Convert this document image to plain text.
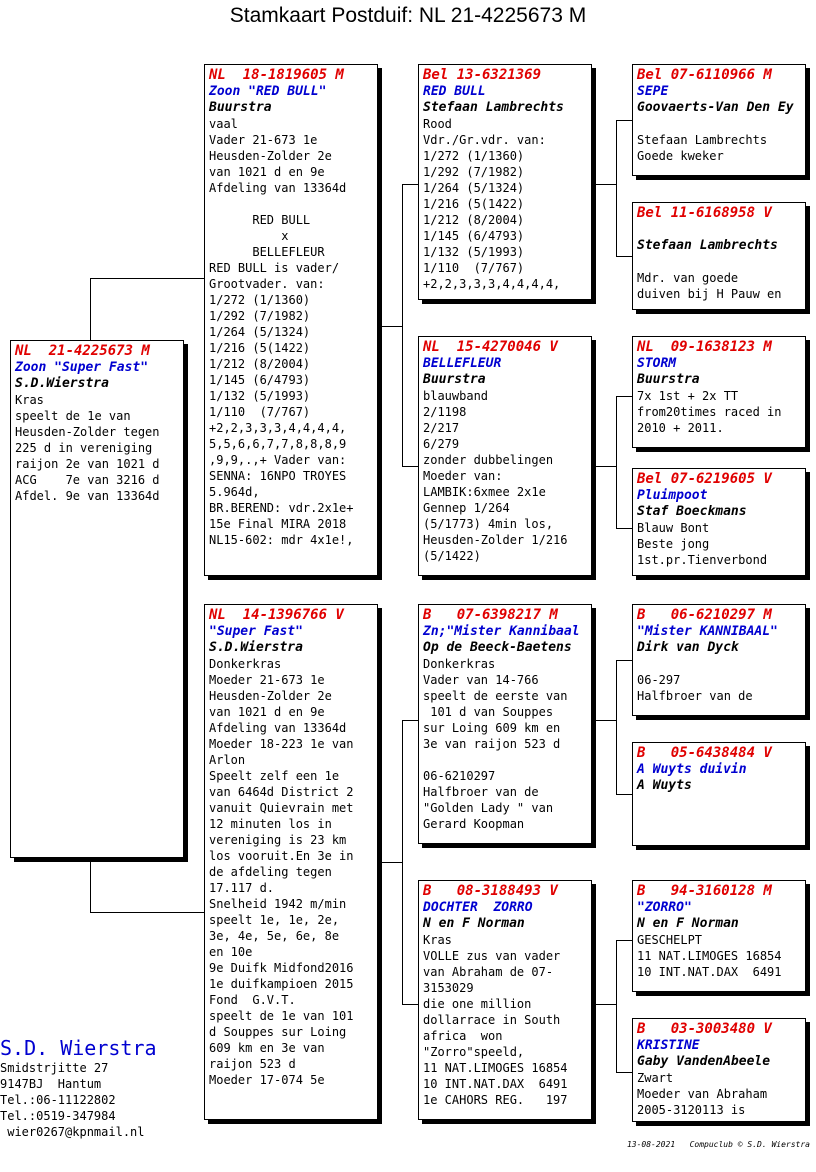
Stamkaart Postduif: NL 21-4225673 M
NL  21-4225673 M
Zoon "Super Fast"
S.D.Wierstra
Kras
speelt de 1e van
Heusden-Zolder tegen
225 d in vereniging
raijon 2e van 1021 d
ACG    7e van 3216 d
Afdel. 9e van 13364d
NL  18-1819605 M
Zoon "RED BULL"
Buurstra
vaal
Vader 21-673 1e
Heusden-Zolder 2e
van 1021 d en 9e
Afdeling van 13364d

RED BULL
x
BELLEFLEUR
RED BULL is vader/
Grootvader. van:
1/272 (1/1360)
1/292 (7/1982)
1/264 (5/1324)
1/216 (5(1422)
1/212 (8/2004)
1/145 (6/4793)
1/132 (5/1993)
1/110  (7/767)
+2,2,3,3,3,4,4,4,4,
5,5,6,6,7,7,8,8,8,9
,9,9,.,+ Vader van:
SENNA: 16NPO TROYES
5.964d,
BR.BEREND: vdr.2x1e+
15e Final MIRA 2018
NL15-602: mdr 4x1e!,
NL  14-1396766 V
"Super Fast"
S.D.Wierstra
Donkerkras
Moeder 21-673 1e
Heusden-Zolder 2e
van 1021 d en 9e
Afdeling van 13364d
Moeder 18-223 1e van
Arlon
Speelt zelf een 1e
van 6464d District 2
vanuit Quievrain met
12 minuten los in
vereniging is 23 km
los vooruit.En 3e in
de afdeling tegen
17.117 d.
Snelheid 1942 m/min
speelt 1e, 1e, 2e,
3e, 4e, 5e, 6e, 8e
en 10e
9e Duifk Midfond2016
1e duifkampioen 2015
Fond  G.V.T.
speelt de 1e van 101
d Souppes sur Loing
609 km en 3e van
raijon 523 d
Moeder 17-074 5e
Bel 13-6321369
RED BULL
Stefaan Lambrechts
Rood
Vdr./Gr.vdr. van:
1/272 (1/1360)
1/292 (7/1982)
1/264 (5/1324)
1/216 (5(1422)
1/212 (8/2004)
1/145 (6/4793)
1/132 (5/1993)
1/110  (7/767)
+2,2,3,3,3,4,4,4,4,
NL  15-4270046 V
BELLEFLEUR
Buurstra
blauwband
2/1198
2/217
6/279
zonder dubbelingen
Moeder van:
LAMBIK:6xmee 2x1e
Gennep 1/264
(5/1773) 4min los,
Heusden-Zolder 1/216
(5/1422)
B   07-6398217 M
Zn;"Mister Kannibaal
Op de Beeck-Baetens
Donkerkras
Vader van 14-766
speelt de eerste van
101 d van Souppes
sur Loing 609 km en
3e van raijon 523 d

06-6210297
Halfbroer van de
"Golden Lady " van
Gerard Koopman
B   08-3188493 V
DOCHTER  ZORRO
N en F Norman
Kras
VOLLE zus van vader
van Abraham de 07-
3153029
die one million
dollarrace in South
africa  won
"Zorro"speeld,
11 NAT.LIMOGES 16854
10 INT.NAT.DAX  6491
1e CAHORS REG.   197
Bel 07-6110966 M
SEPE
Goovaerts-Van Den Ey

Stefaan Lambrechts
Goede kweker
Bel 11-6168958 V
Stefaan Lambrechts

Mdr. van goede
duiven bij H Pauw en
NL  09-1638123 M
STORM
Buurstra
7x 1st + 2x TT
from20times raced in
2010 + 2011.
Bel 07-6219605 V
Pluimpoot
Staf Boeckmans
Blauw Bont
Beste jong
1st.pr.Tienverbond
B   06-6210297 M
"Mister KANNIBAAL"
Dirk van Dyck

06-297
Halfbroer van de
B   05-6438484 V
A Wuyts duivin
A Wuyts
B   94-3160128 M
"ZORRO"
N en F Norman
GESCHELPT
11 NAT.LIMOGES 16854
10 INT.NAT.DAX  6491
B   03-3003480 V
KRISTINE
Gaby VandenAbeele
Zwart
Moeder van Abraham
2005-3120113 is
S.D. Wierstra
Smidstrjitte 27
9147BJ  Hantum
Tel.:06-11122802
Tel.:0519-347984
wier0267@kpnmail.nl
13-08-2021   Compuclub © S.D. Wierstra
